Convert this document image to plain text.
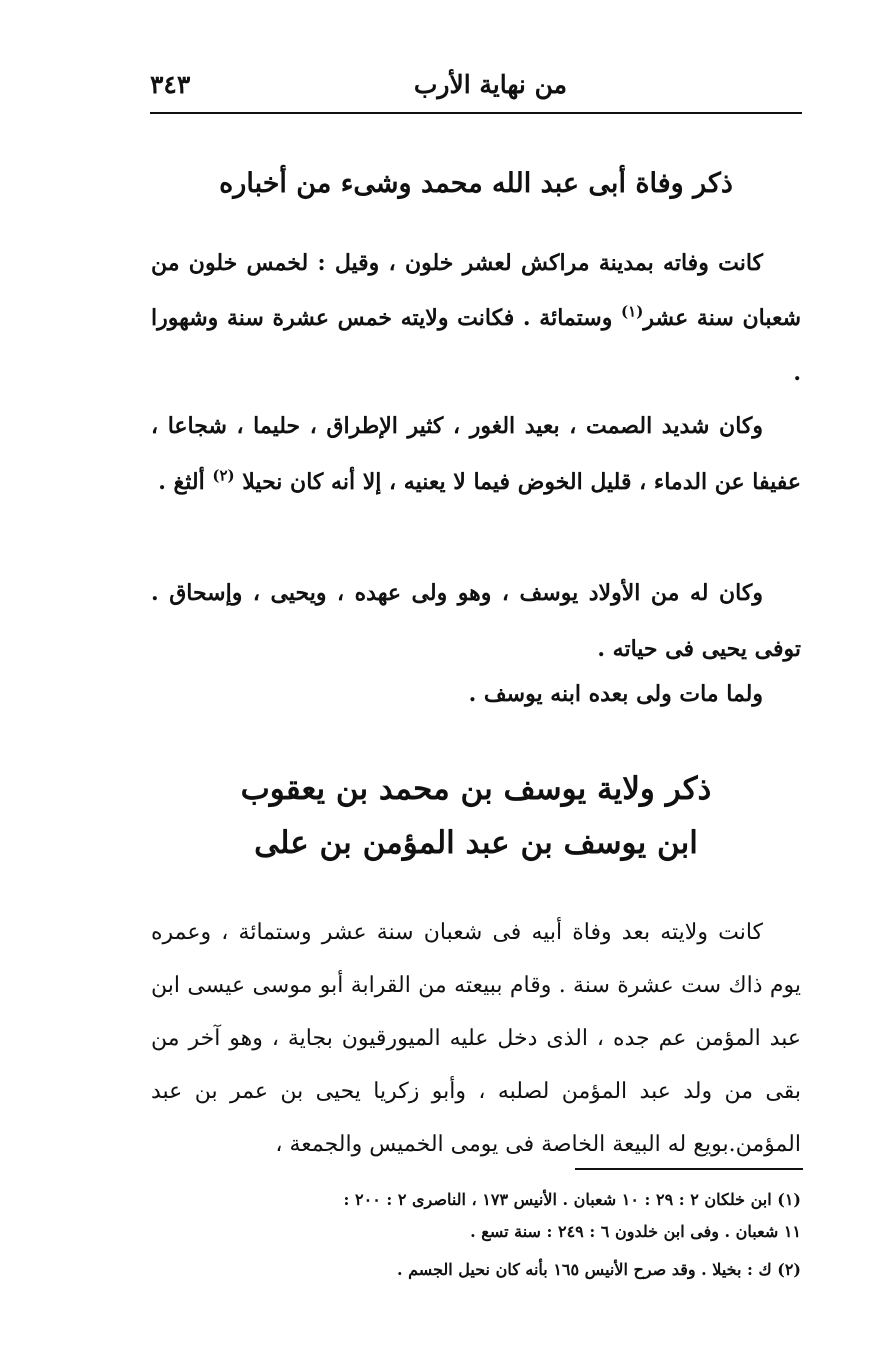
من نهاية الأرب
٣٤٣
ذكر وفاة أبى عبد الله محمد وشىء من أخباره
كانت وفاته بمدينة مراكش لعشر خلون ، وقيل : لخمس خلون من شعبان سنة عشر$^{(١)}$ وستمائة . فكانت ولايته خمس عشرة سنة وشهورا .
وكان شديد الصمت ، بعيد الغور ، كثير الإطراق ، حليما ، شجاعا ، عفيفا عن الدماء ، قليل الخوض فيما لا يعنيه ، إلا أنه كان نحيلا $^{(٢)}$ ألثغ .
وكان له من الأولاد يوسف ، وهو ولى عهده ، ويحيى ، وإسحاق . توفى يحيى فى حياته .
ولما مات ولى بعده ابنه يوسف .
ذكر ولاية يوسف بن محمد بن يعقوب
ابن يوسف بن عبد المؤمن بن على
كانت ولايته بعد وفاة أبيه فى شعبان سنة عشر وستمائة ، وعمره يوم ذاك ست عشرة سنة . وقام ببيعته من القرابة أبو موسى عيسى ابن عبد المؤمن عم جده ، الذى دخل عليه الميورقيون بجاية ، وهو آخر من بقى من ولد عبد المؤمن لصلبه ، وأبو زكريا يحيى بن عمر بن عبد المؤمن.بويع له البيعة الخاصة فى يومى الخميس والجمعة ،
(١) ابن خلكان ٢ : ٢٩ : ١٠ شعبان . الأنيس ١٧٣ ، الناصرى ٢ : ٢٠٠ :
١١ شعبان . وفى ابن خلدون ٦ : ٢٤٩ : سنة تسع .
(٢) ك : بخيلا . وقد صرح الأنيس ١٦٥ بأنه كان نحيل الجسم .
